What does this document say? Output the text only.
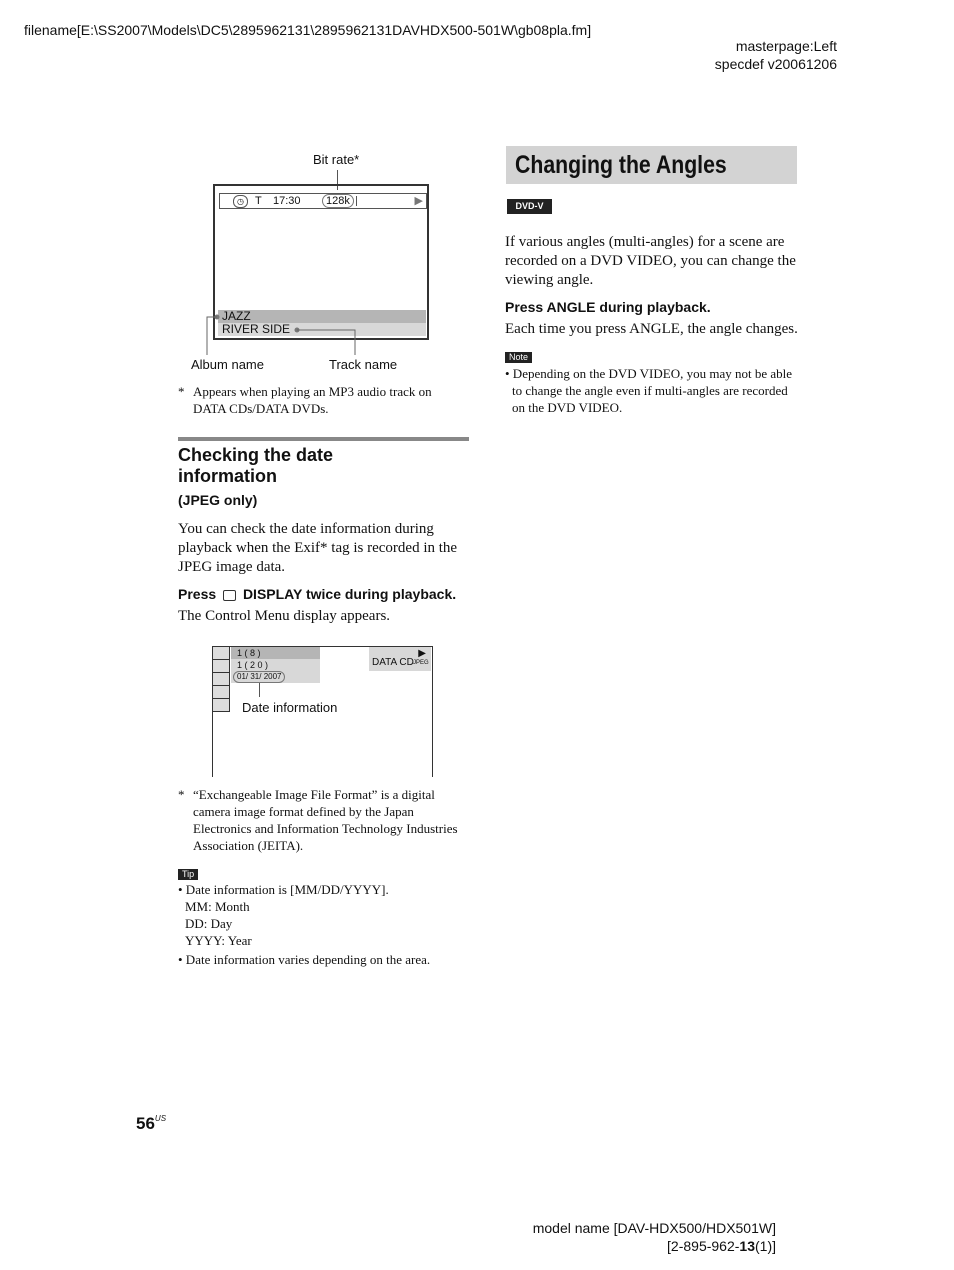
filename[E:\SS2007\Models\DC5\2895962131\2895962131DAVHDX500-501W\gb08pla.fm]
masterpage:Left
specdef v20061206
Bit rate*
◷	T 17:30	128k	▶
JAZZ
RIVER SIDE
Album name	Track name
* Appears when playing an MP3 audio track on DATA CDs/DATA DVDs.
Checking the date
information
(JPEG only)
You can check the date information during playback when the Exif* tag is recorded in the JPEG image data.
Press DISPLAY twice during playback.
The Control Menu display appears.
1 ( 8 )
1 ( 2 0 )
01/ 31/ 2007
▶
DATA CD JPEG
Date information
* “Exchangeable Image File Format” is a digital camera image format defined by the Japan Electronics and Information Technology Industries Association (JEITA).
Tip
• Date information is [MM/DD/YYYY].
MM: Month
DD: Day
YYYY: Year
• Date information varies depending on the area.
Changing the Angles
DVD-V
If various angles (multi-angles) for a scene are recorded on a DVD VIDEO, you can change the viewing angle.
Press ANGLE during playback.
Each time you press ANGLE, the angle changes.
Note
• Depending on the DVD VIDEO, you may not be able to change the angle even if multi-angles are recorded on the DVD VIDEO.
$56^{US}$
model name [DAV-HDX500/HDX501W]
[2-895-962-13(1)]
